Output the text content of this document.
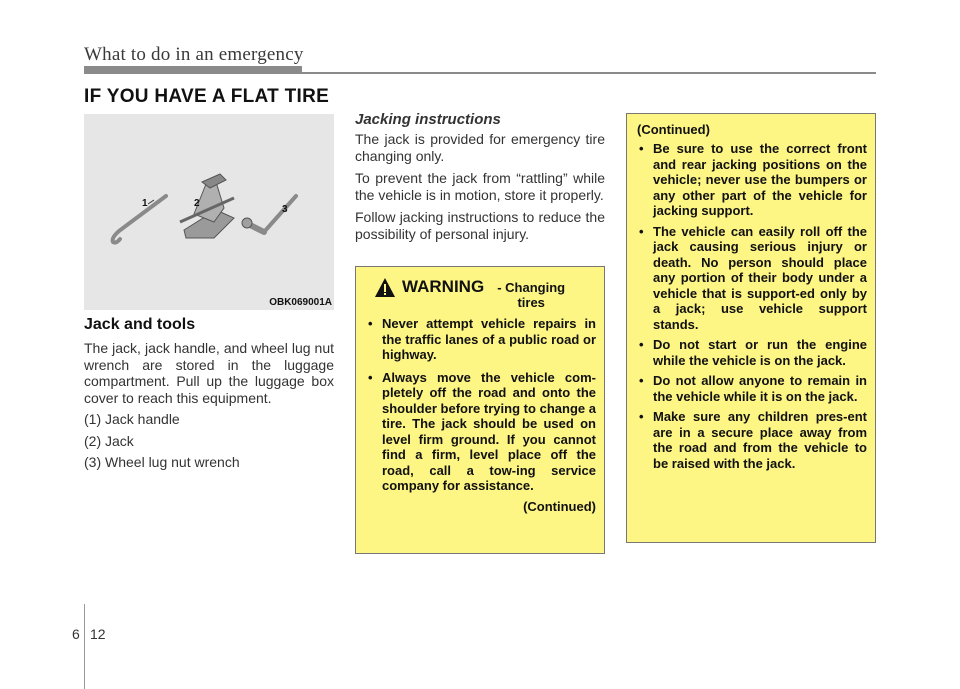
What to do in an emergency
IF YOU HAVE A FLAT TIRE
1	2
3
OBK069001A
Jack and tools
The jack, jack handle, and wheel lug nut wrench are stored in the luggage compartment. Pull up the luggage box cover to reach this equipment.
(1) Jack handle
(2) Jack
(3) Wheel lug nut wrench
Jacking instructions
The jack is provided for emergency tire changing only.
To prevent the jack from “rattling” while the vehicle is in motion, store it properly.
Follow jacking instructions to reduce the possibility of personal injury.
WARNING	- Changing tires
• Never attempt vehicle repairs in the traffic lanes of a public road or highway.
• Always move the vehicle com-pletely off the road and onto the shoulder before trying to change a tire. The jack should be used on level firm ground. If you cannot find a firm, level place off the road, call a tow-ing service company for assistance.
(Continued)
(Continued)
• Be sure to use the correct front and rear jacking positions on the vehicle; never use the bumpers or any other part of the vehicle for jacking support.
• The vehicle can easily roll off the jack causing serious injury or death. No person should place any portion of their body under a vehicle that is support-ed only by a jack; use vehicle support stands.
• Do not start or run the engine while the vehicle is on the jack.
• Do not allow anyone to remain in the vehicle while it is on the jack.
• Make sure any children pres-ent are in a secure place away from the road and from the vehicle to be raised with the jack.
6 12
